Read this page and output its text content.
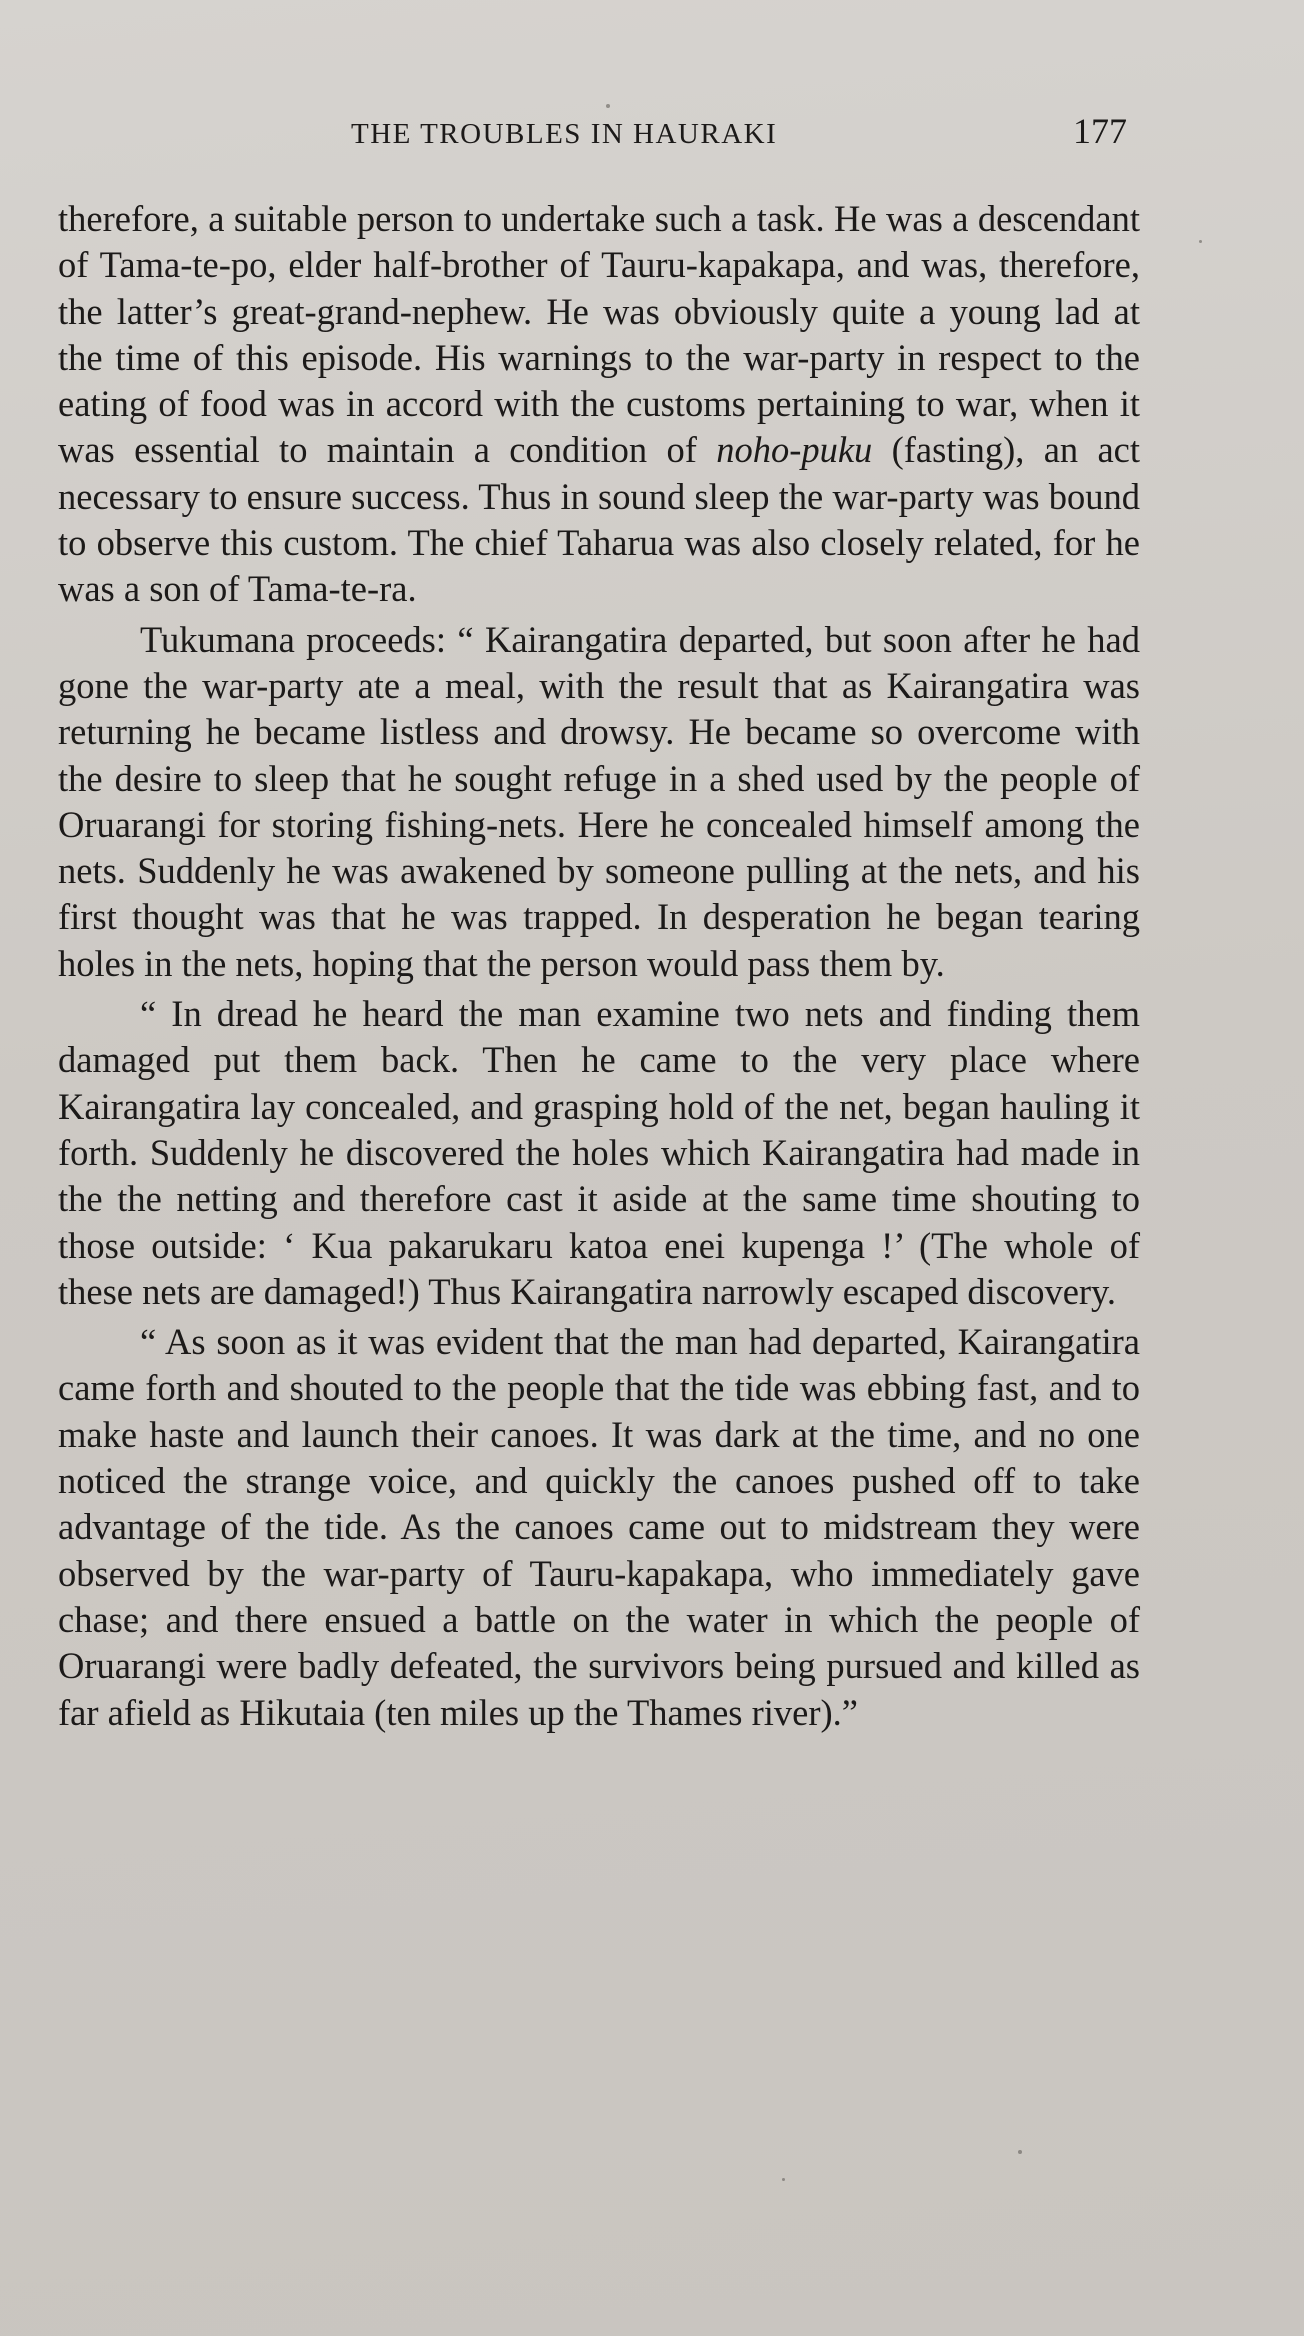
THE TROUBLES IN HAURAKI	177

therefore, a suitable person to undertake such a task. He was a descendant of Tama-te-po, elder half-brother of Tauru-kapakapa, and was, therefore, the latter’s great-grand-nephew. He was obviously quite a young lad at the time of this episode. His warnings to the war-party in respect to the eating of food was in accord with the customs pertaining to war, when it was essential to maintain a condition of noho-puku (fasting), an act necessary to ensure success. Thus in sound sleep the war-party was bound to observe this custom. The chief Taharua was also closely related, for he was a son of Tama-te-ra.

Tukumana proceeds: “ Kairangatira departed, but soon after he had gone the war-party ate a meal, with the result that as Kairangatira was returning he became listless and drowsy. He became so overcome with the desire to sleep that he sought refuge in a shed used by the people of Oruarangi for storing fishing-nets. Here he concealed himself among the nets. Suddenly he was awakened by someone pulling at the nets, and his first thought was that he was trapped. In desperation he began tearing holes in the nets, hoping that the person would pass them by.

“ In dread he heard the man examine two nets and finding them damaged put them back. Then he came to the very place where Kairangatira lay concealed, and grasping hold of the net, began hauling it forth. Suddenly he discovered the holes which Kairangatira had made in the the netting and therefore cast it aside at the same time shouting to those outside: ‘ Kua pakarukaru katoa enei kupenga !’ (The whole of these nets are damaged!) Thus Kairangatira narrowly escaped discovery.

“ As soon as it was evident that the man had departed, Kairangatira came forth and shouted to the people that the tide was ebbing fast, and to make haste and launch their canoes. It was dark at the time, and no one noticed the strange voice, and quickly the canoes pushed off to take advantage of the tide. As the canoes came out to midstream they were observed by the war-party of Tauru-kapakapa, who immediately gave chase; and there ensued a battle on the water in which the people of Oruarangi were badly defeated, the survivors being pursued and killed as far afield as Hikutaia (ten miles up the Thames river).”
